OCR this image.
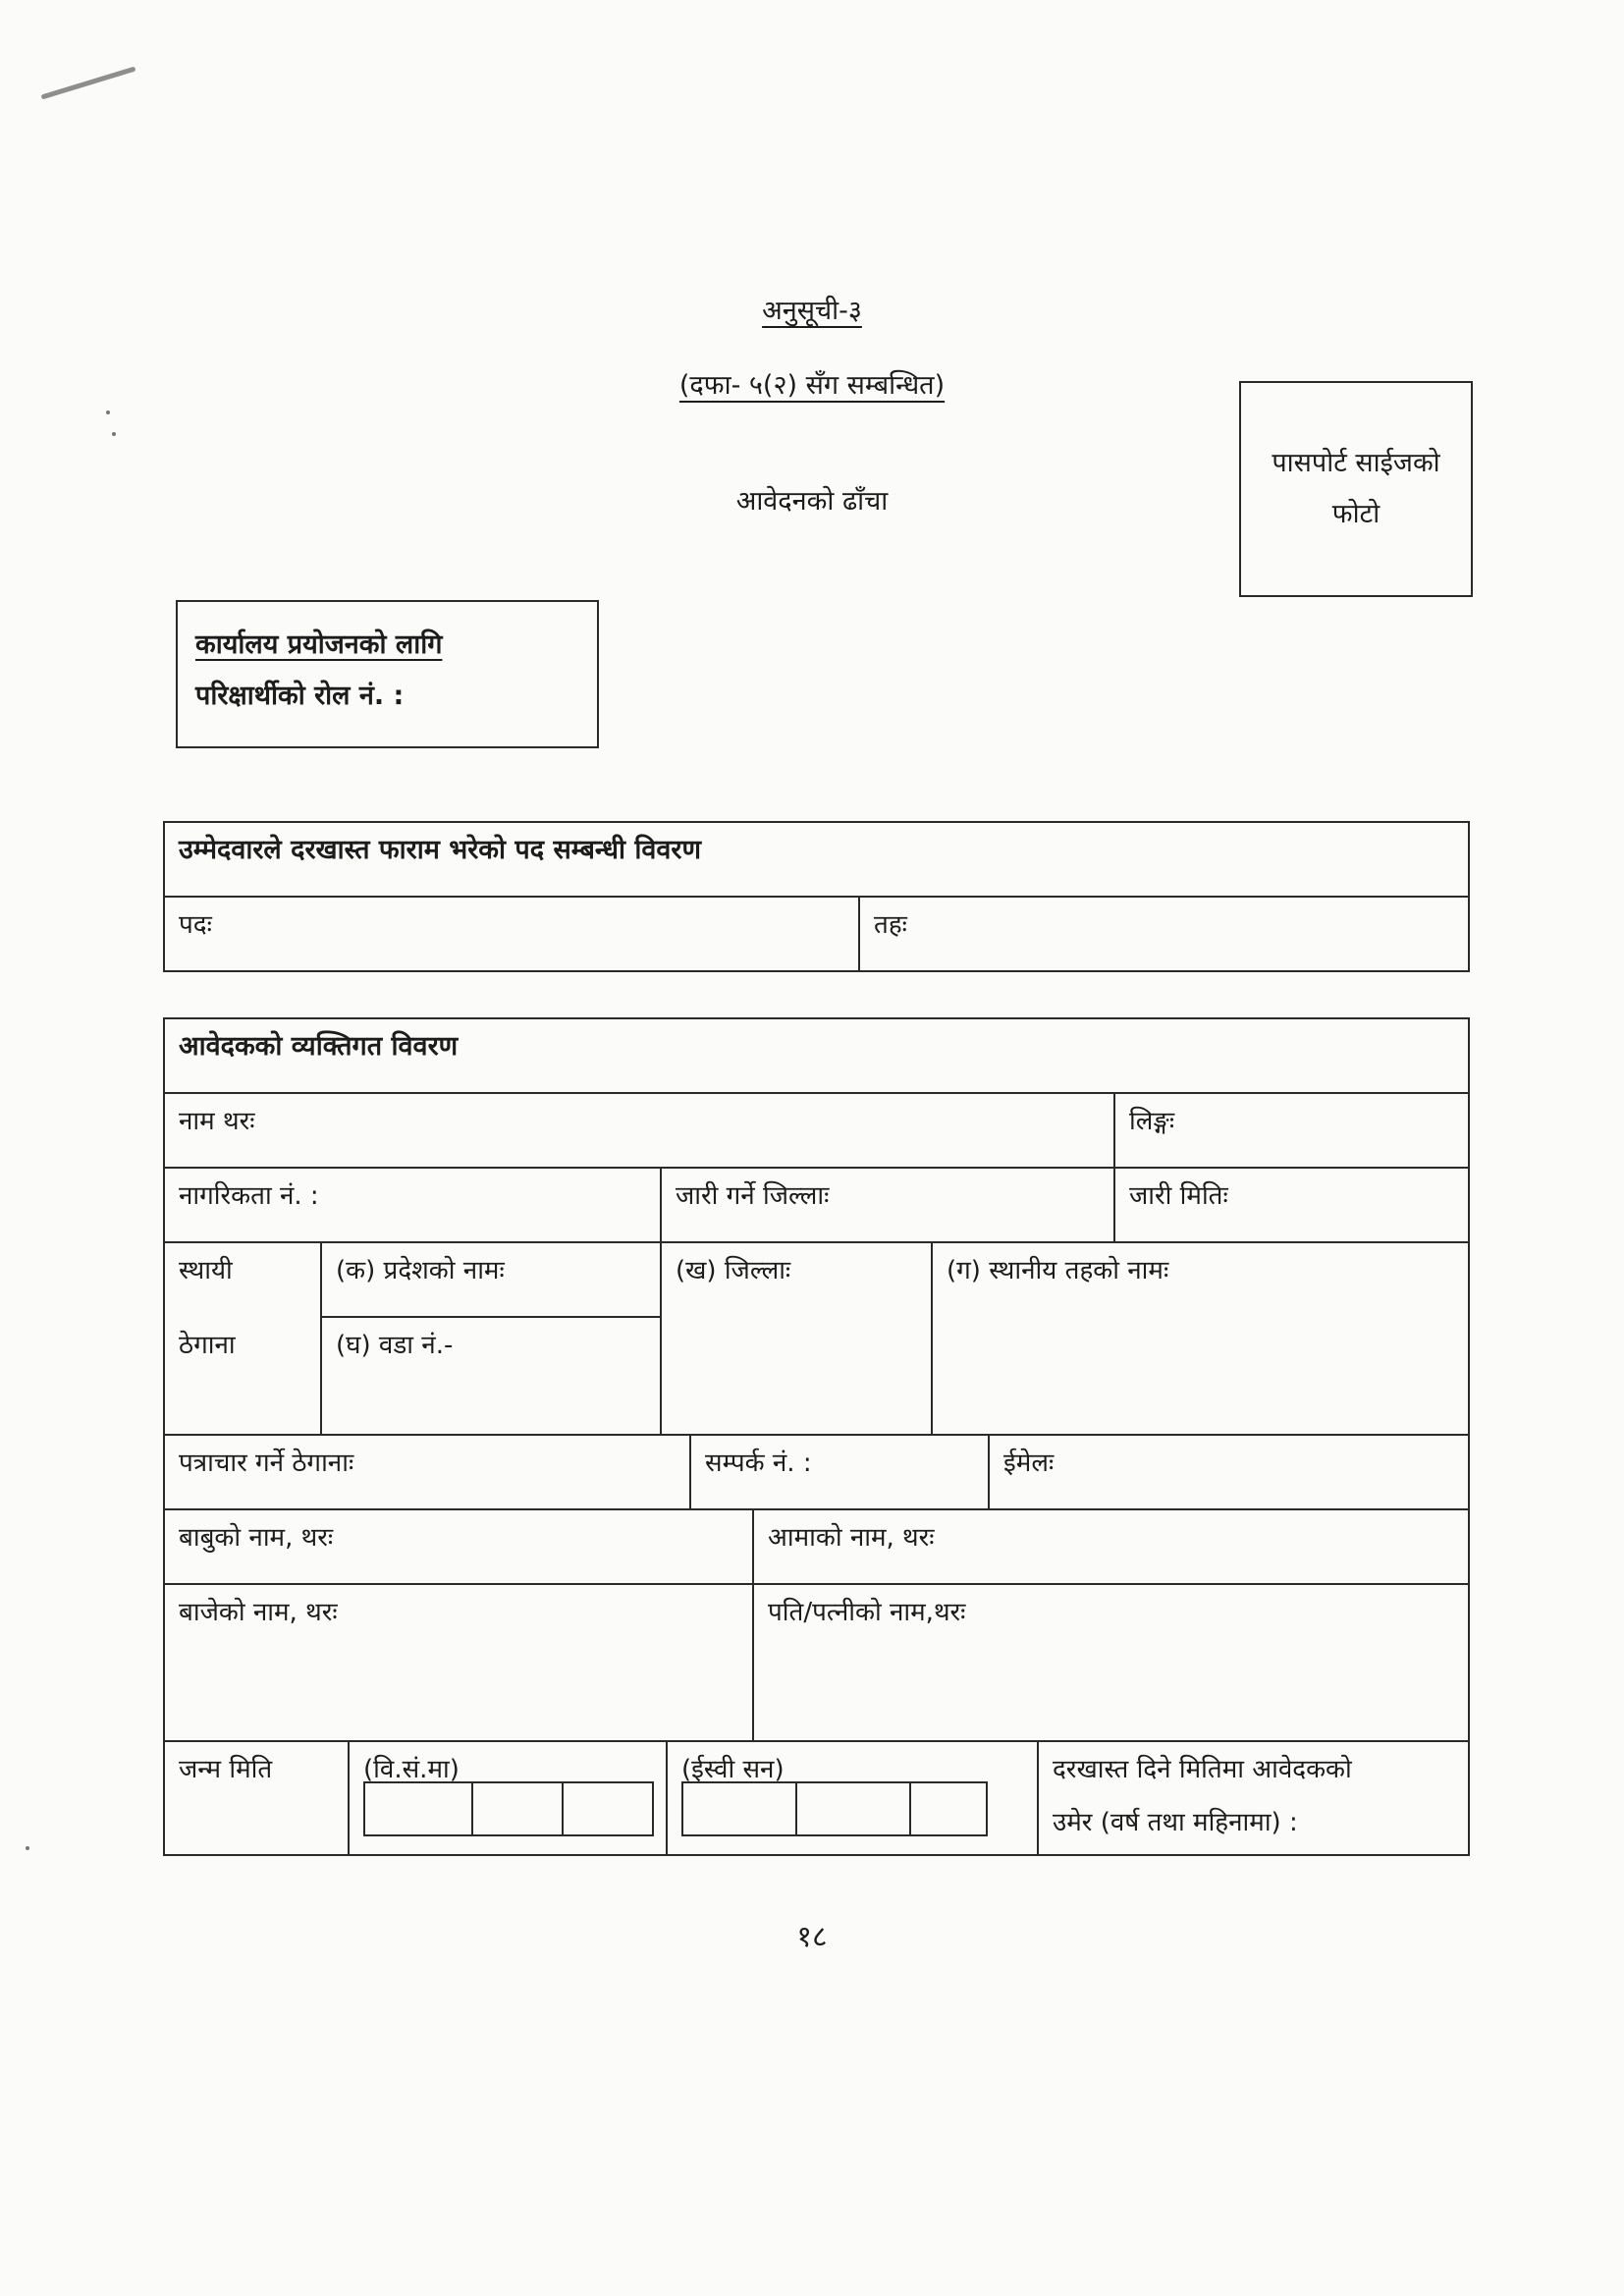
अनुसूची-३
(दफा- ५(२) सँग सम्बन्धित)
आवेदनको ढाँचा
पासपोर्ट साईजको
फोटो
कार्यालय प्रयोजनको लागि
परिक्षार्थीको रोल नं. :
उम्मेदवारले दरखास्त फाराम भरेको पद सम्बन्धी विवरण
पदः	तहः
आवेदकको व्यक्तिगत विवरण
नाम थरः	लिङ्गः
नागरिकता नं. :	जारी गर्ने जिल्लाः	जारी मितिः
स्थायी
ठेगाना
(क) प्रदेशको नामः
(घ) वडा नं.-
(ख) जिल्लाः	(ग) स्थानीय तहको नामः
पत्राचार गर्ने ठेगानाः	सम्पर्क नं. :	ईमेलः
बाबुको नाम, थरः	आमाको नाम, थरः
बाजेको नाम, थरः	पति/पत्नीको नाम,थरः
जन्म मिति	(वि.सं.मा)	(ईस्वी सन)	दरखास्त दिने मितिमा आवेदकको
उमेर (वर्ष तथा महिनामा) :
१८
